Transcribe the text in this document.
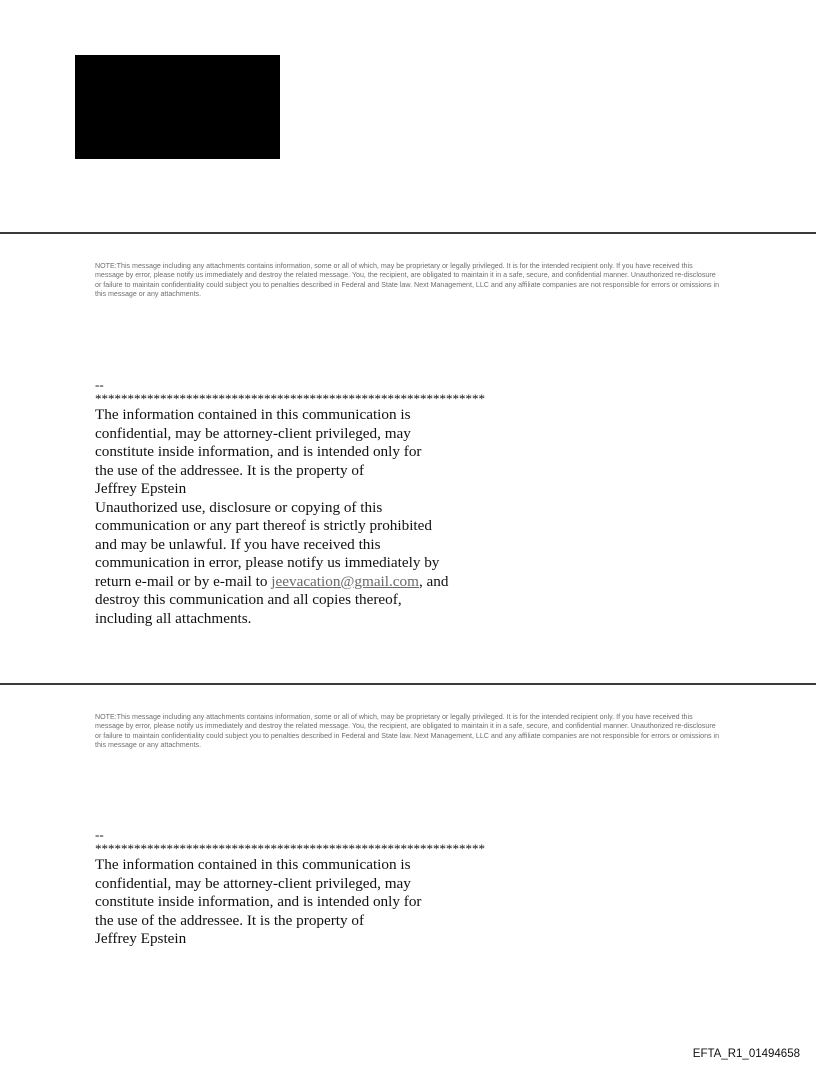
NOTE:This message including any attachments contains information, some or all of which, may be proprietary or legally privileged. It is for the intended recipient only. If you have received this message by error, please notify us immediately and destroy the related message. You, the recipient, are obligated to maintain it in a safe, secure, and confidential manner. Unauthorized re-disclosure or failure to maintain confidentiality could subject you to penalties described in Federal and State law. Next Management, LLC and any affiliate companies are not responsible for errors or omissions in this message or any attachments.

--
************************************************************
The information contained in this communication is
confidential, may be attorney-client privileged, may
constitute inside information, and is intended only for
the use of the addressee. It is the property of
Jeffrey Epstein
Unauthorized use, disclosure or copying of this
communication or any part thereof is strictly prohibited
and may be unlawful. If you have received this
communication in error, please notify us immediately by
return e-mail or by e-mail to jeevacation@gmail.com, and
destroy this communication and all copies thereof,
including all attachments.

NOTE:This message including any attachments contains information, some or all of which, may be proprietary or legally privileged. It is for the intended recipient only. If you have received this message by error, please notify us immediately and destroy the related message. You, the recipient, are obligated to maintain it in a safe, secure, and confidential manner. Unauthorized re-disclosure or failure to maintain confidentiality could subject you to penalties described in Federal and State law. Next Management, LLC and any affiliate companies are not responsible for errors or omissions in this message or any attachments.

--
************************************************************
The information contained in this communication is
confidential, may be attorney-client privileged, may
constitute inside information, and is intended only for
the use of the addressee. It is the property of
Jeffrey Epstein
EFTA_R1_01494658
